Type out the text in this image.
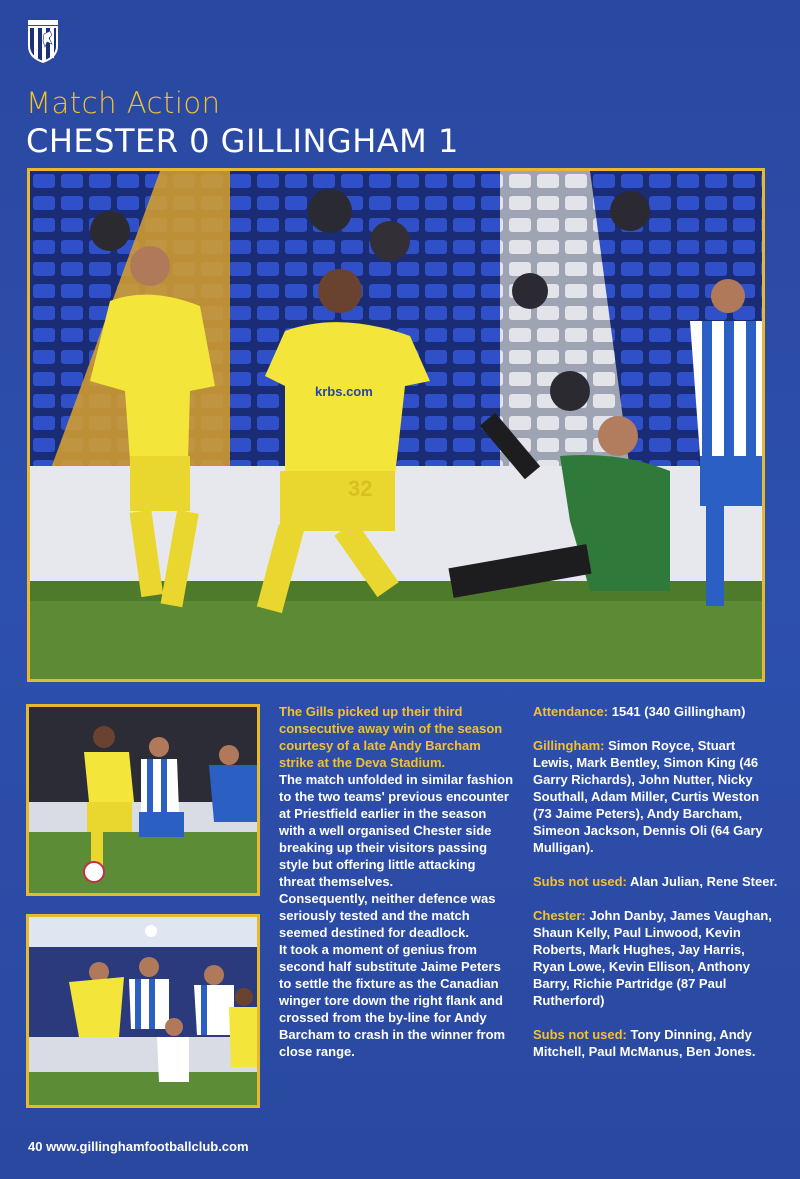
Match Action
CHESTER 0 GILLINGHAM 1
32
krbs.com

The Gills picked up their third consecutive away win of the season courtesy of a late Andy Barcham strike at the Deva Stadium.

The match unfolded in similar fashion to the two teams' previous encounter at Priestfield earlier in the season with a well organised Chester side breaking up their visitors passing style but offering little attacking threat themselves.

Consequently, neither defence was seriously tested and the match seemed destined for deadlock.

It took a moment of genius from second half substitute Jaime Peters to settle the fixture as the Canadian winger tore down the right flank and crossed from the by-line for Andy Barcham to crash in the winner from close range.

Attendance: 1541 (340 Gillingham)

Gillingham: Simon Royce, Stuart Lewis, Mark Bentley, Simon King (46 Garry Richards), John Nutter, Nicky Southall, Adam Miller, Curtis Weston (73 Jaime Peters), Andy Barcham, Simeon Jackson, Dennis Oli (64 Gary Mulligan).

Subs not used: Alan Julian, Rene Steer.

Chester: John Danby, James Vaughan, Shaun Kelly, Paul Linwood, Kevin Roberts, Mark Hughes, Jay Harris, Ryan Lowe, Kevin Ellison, Anthony Barry, Richie Partridge (87 Paul Rutherford)

Subs not used: Tony Dinning, Andy Mitchell, Paul McManus, Ben Jones.

40 www.gillinghamfootballclub.com
